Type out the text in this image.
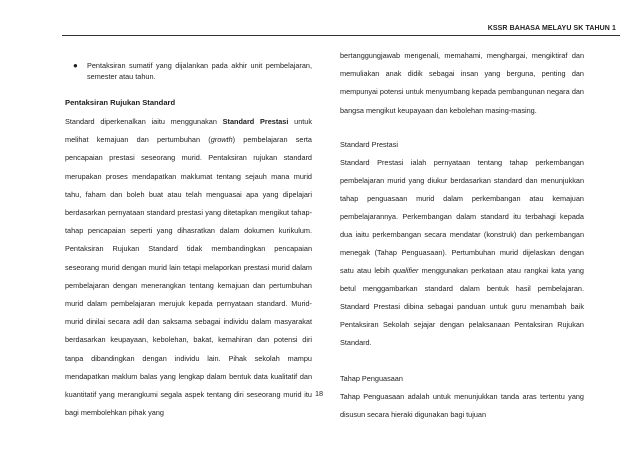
KSSR BAHASA MELAYU SK TAHUN 1
●	Pentaksiran sumatif yang dijalankan pada akhir unit pembelajaran, semester atau tahun.

Pentaksiran Rujukan Standard

Standard diperkenalkan iaitu menggunakan Standard Prestasi untuk melihat kemajuan dan pertumbuhan (growth) pembelajaran serta pencapaian prestasi seseorang murid. Pentaksiran rujukan standard merupakan proses mendapatkan maklumat tentang sejauh mana murid tahu, faham dan boleh buat atau telah menguasai apa yang dipelajari berdasarkan pernyataan standard prestasi yang ditetapkan mengikut tahap-tahap pencapaian seperti yang dihasratkan dalam dokumen kurikulum. Pentaksiran Rujukan Standard tidak membandingkan pencapaian seseorang murid dengan murid lain tetapi melaporkan prestasi murid dalam pembelajaran dengan menerangkan tentang kemajuan dan pertumbuhan murid dalam pembelajaran merujuk kepada pernyataan standard. Murid-murid dinilai secara adil dan saksama sebagai individu dalam masyarakat berdasarkan keupayaan, kebolehan, bakat, kemahiran dan potensi diri tanpa dibandingkan dengan individu lain. Pihak sekolah mampu mendapatkan maklum balas yang lengkap dalam bentuk data kualitatif dan kuantitatif yang merangkumi segala aspek tentang diri seseorang murid itu bagi membolehkan pihak yang

bertanggungjawab mengenali, memahami, menghargai, mengiktiraf dan memuliakan anak didik sebagai insan yang berguna, penting dan mempunyai potensi untuk menyumbang kepada pembangunan negara dan bangsa mengikut keupayaan dan kebolehan masing-masing.

Standard Prestasi

Standard Prestasi ialah pernyataan tentang tahap perkembangan pembelajaran murid yang diukur berdasarkan standard dan menunjukkan tahap penguasaan murid dalam perkembangan atau kemajuan pembelajarannya. Perkembangan dalam standard itu terbahagi kepada dua iaitu perkembangan secara mendatar (konstruk) dan perkembangan menegak (Tahap Penguasaan). Pertumbuhan murid dijelaskan dengan satu atau lebih qualifier menggunakan perkataan atau rangkai kata yang betul menggambarkan standard dalam bentuk hasil pembelajaran. Standard Prestasi dibina sebagai panduan untuk guru menambah baik Pentaksiran Sekolah sejajar dengan pelaksanaan Pentaksiran Rujukan Standard.

Tahap Penguasaan

Tahap Penguasaan adalah untuk menunjukkan tanda aras tertentu yang disusun secara hieraki digunakan bagi tujuan

18
